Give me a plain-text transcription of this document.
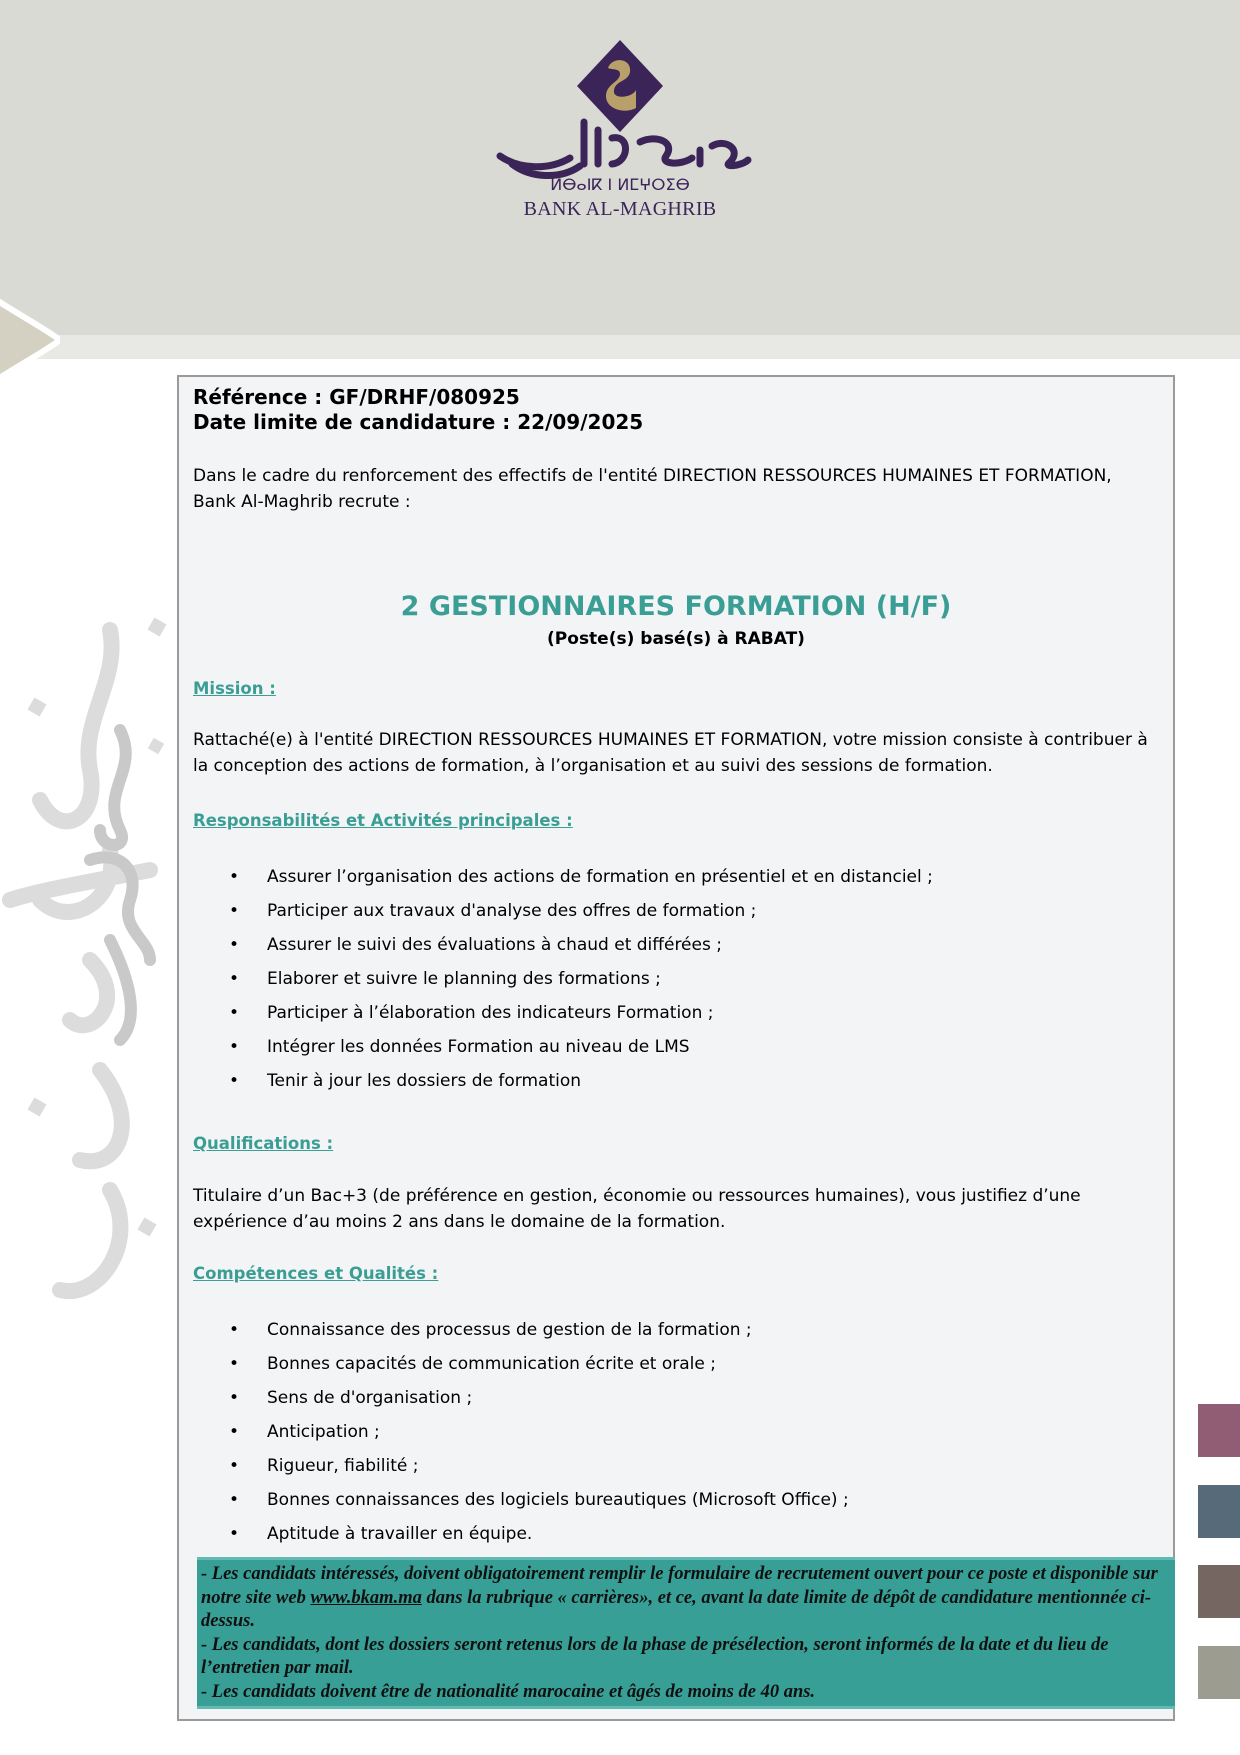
ⵍⴱⴰⵏⴽ ⵏ ⵍⵎⵖⵔⵉⴱ
BANK AL-MAGHRIB
Référence : GF/DRHF/080925
Date limite de candidature : 22/09/2025
Dans le cadre du renforcement des effectifs de l'entité DIRECTION RESSOURCES HUMAINES ET FORMATION, Bank Al-Maghrib recrute :
2 GESTIONNAIRES FORMATION (H/F)
(Poste(s) basé(s) à RABAT)
Mission :
Rattaché(e) à l'entité DIRECTION RESSOURCES HUMAINES ET FORMATION, votre mission consiste à contribuer à la conception des actions de formation, à l’organisation et au suivi des sessions de formation.
Responsabilités et Activités principales :
• Assurer l’organisation des actions de formation en présentiel et en distanciel ;
• Participer aux travaux d'analyse des offres de formation ;
• Assurer le suivi des évaluations à chaud et différées ;
• Elaborer et suivre le planning des formations ;
• Participer à l’élaboration des indicateurs Formation ;
• Intégrer les données Formation au niveau de LMS
• Tenir à jour les dossiers de formation
Qualifications :
Titulaire d’un Bac+3 (de préférence en gestion, économie ou ressources humaines), vous justifiez d’une expérience d’au moins 2 ans dans le domaine de la formation.
Compétences et Qualités :
• Connaissance des processus de gestion de la formation ;
• Bonnes capacités de communication écrite et orale ;
• Sens de d'organisation ;
• Anticipation ;
• Rigueur, fiabilité ;
• Bonnes connaissances des logiciels bureautiques (Microsoft Office) ;
• Aptitude à travailler en équipe.
- Les candidats intéressés, doivent obligatoirement remplir le formulaire de recrutement ouvert pour ce poste et disponible sur notre site web www.bkam.ma dans la rubrique « carrières», et ce, avant la date limite de dépôt de candidature mentionnée ci-dessus.
- Les candidats, dont les dossiers seront retenus lors de la phase de présélection, seront informés de la date et du lieu de l’entretien par mail.
- Les candidats doivent être de nationalité marocaine et âgés de moins de 40 ans.
